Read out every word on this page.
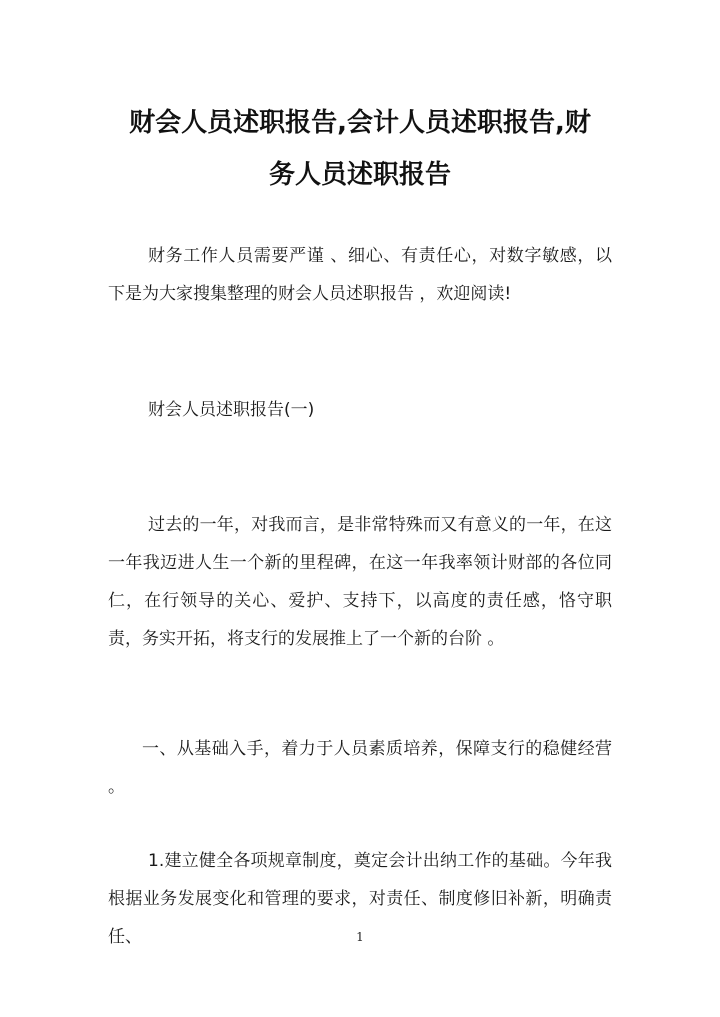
财会人员述职报告,会计人员述职报告,财
务人员述职报告

财务工作人员需要严谨 、细心、有责任心，对数字敏感，以下是为大家搜集整理的财会人员述职报告 ，欢迎阅读!

财会人员述职报告(一)

过去的一年，对我而言，是非常特殊而又有意义的一年，在这一年我迈进人生一个新的里程碑，在这一年我率领计财部的各位同仁，在行领导的关心、爱护、支持下，以高度的责任感，恪守职责，务实开拓，将支行的发展推上了一个新的台阶 。

一、从基础入手，着力于人员素质培养，保障支行的稳健经营 。

1.建立健全各项规章制度，奠定会计出纳工作的基础。今年我根据业务发展变化和管理的要求，对责任、制度修旧补新，明确责任、	1
